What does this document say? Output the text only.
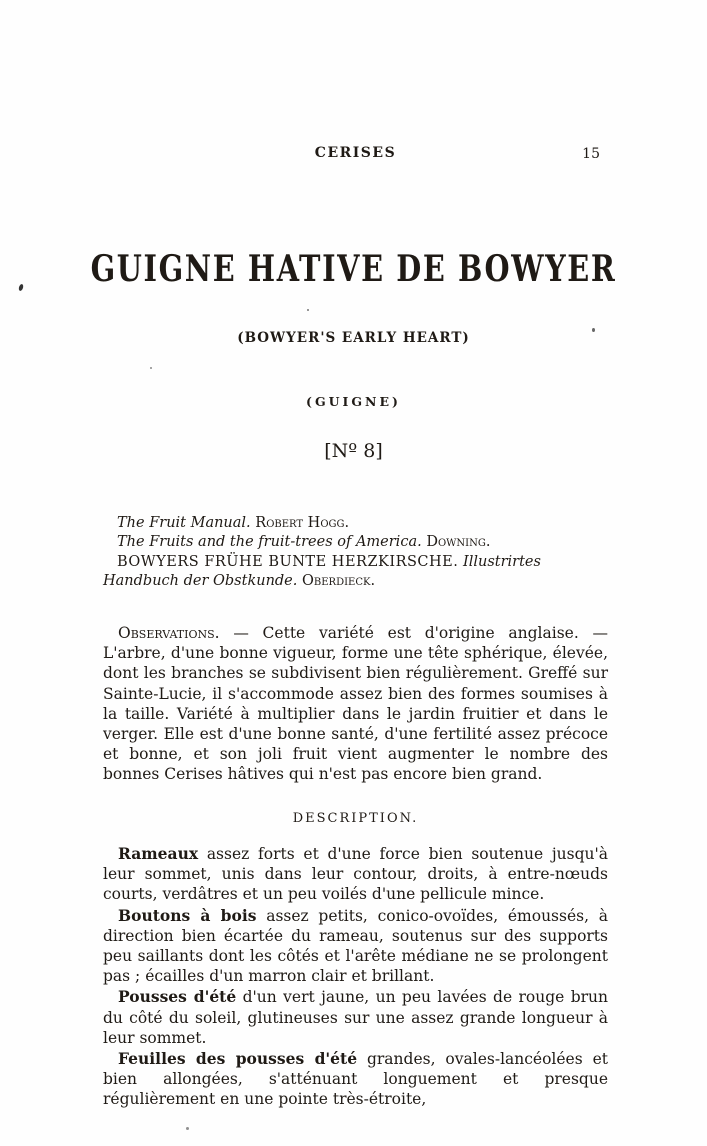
CERISES	15
GUIGNE HATIVE DE BOWYER
(BOWYER'S EARLY HEART)
(GUIGNE)
[Nº 8]

The Fruit Manual. Robert Hogg.

The Fruits and the fruit-trees of America. Downing.

BOWYERS FRÜHE BUNTE HERZKIRSCHE. Illustrirtes Handbuch der Obstkunde. Oberdieck.

Observations. — Cette variété est d'origine anglaise. — L'arbre, d'une bonne vigueur, forme une tête sphérique, élevée, dont les branches se subdivisent bien régulièrement. Greffé sur Sainte-Lucie, il s'accommode assez bien des formes soumises à la taille. Variété à multiplier dans le jardin fruitier et dans le verger. Elle est d'une bonne santé, d'une fertilité assez précoce et bonne, et son joli fruit vient augmenter le nombre des bonnes Cerises hâtives qui n'est pas encore bien grand.

DESCRIPTION.

Rameaux assez forts et d'une force bien soutenue jusqu'à leur sommet, unis dans leur contour, droits, à entre-nœuds courts, verdâtres et un peu voilés d'une pellicule mince.

Boutons à bois assez petits, conico-ovoïdes, émoussés, à direction bien écartée du rameau, soutenus sur des supports peu saillants dont les côtés et l'arête médiane ne se prolongent pas ; écailles d'un marron clair et brillant.

Pousses d'été d'un vert jaune, un peu lavées de rouge brun du côté du soleil, glutineuses sur une assez grande longueur à leur sommet.

Feuilles des pousses d'été grandes, ovales-lancéolées et bien allongées, s'atténuant longuement et presque régulièrement en une pointe très-étroite,
